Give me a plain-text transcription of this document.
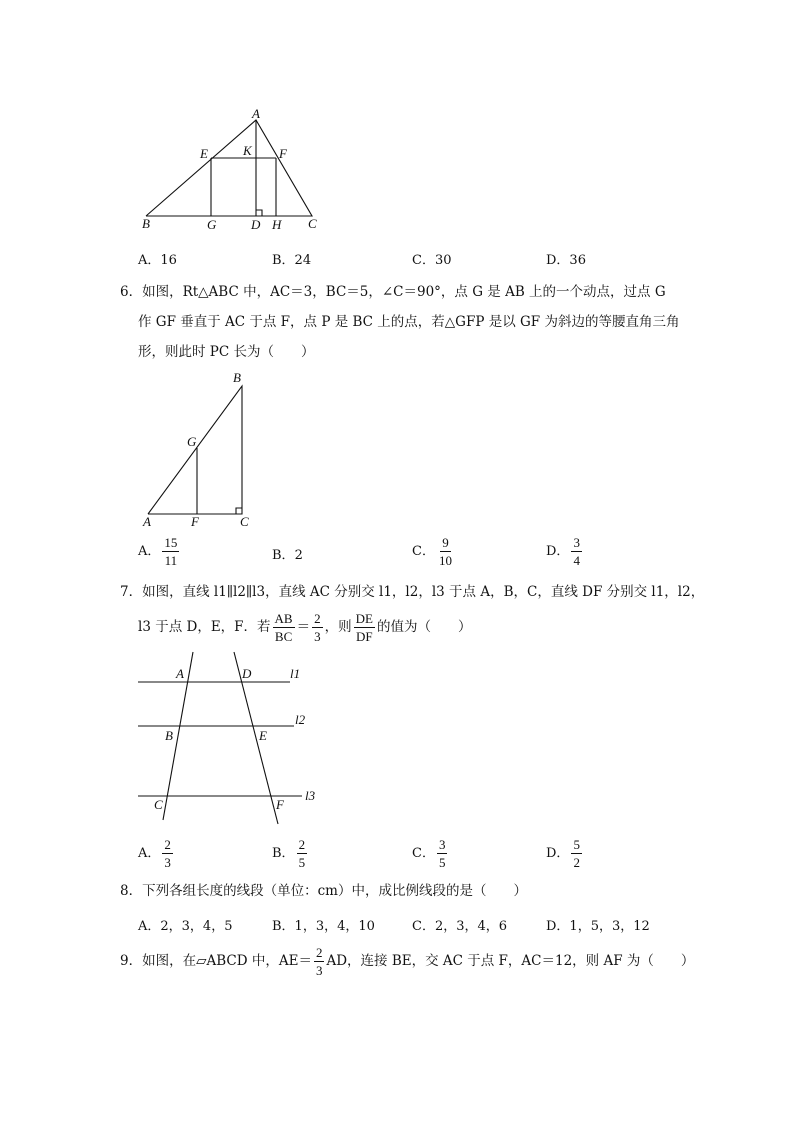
A
E	K F
B	G	D H C
A．16	B．24	C．30	D．36
6．如图，Rt△ABC 中，AC＝3，BC＝5，∠C＝90°，点 G 是 AB 上的一个动点，过点 G
作 GF 垂直于 AC 于点 F，点 P 是 BC 上的点，若△GFP 是以 GF 为斜边的等腰直角三角
形，则此时 PC 长为（　　）
B
G
A	F	C
A． $\frac{15}{11}$	B．2	C． $\frac{9}{10}$	D． $\frac{3}{4}$
7．如图，直线 l1∥l2∥l3，直线 AC 分别交 l1，l2，l3 于点 A，B，C，直线 DF 分别交 l1，l2，
l3 于点 D，E，F．若 $\frac{AB}{BC} = \frac{2}{3}$ ，则 $\frac{DE}{DF}$ 的值为（　　）
A	D	l1
B	E
l2
C	F
l3
A． $\frac{2}{3}$	B． $\frac{2}{5}$	C． $\frac{3}{5}$	D． $\frac{5}{2}$
8．下列各组长度的线段（单位：cm）中，成比例线段的是（　　）
A．2，3，4，5	B．1，3，4，10	C．2，3，4，6	D．1，5，3，12
9．如图，在▱ABCD 中，$AE= \frac{2}{3}$ AD，连接 BE，交 AC 于点 F，AC＝12，则 AF 为（　　）
